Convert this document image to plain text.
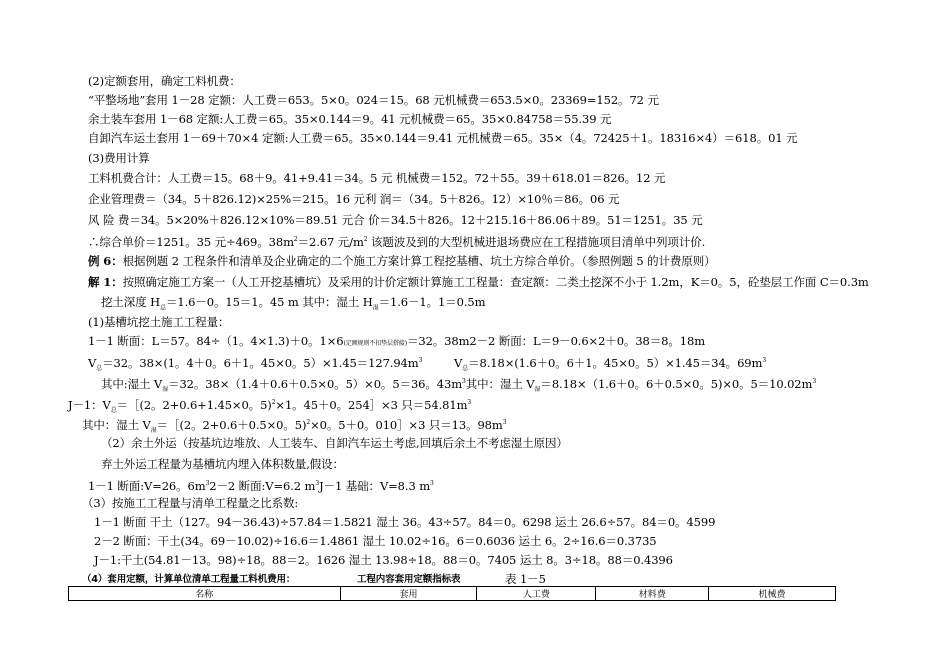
(2)定额套用，确定工料机费：
“平整场地”套用 1－28 定额：人工费＝653。5×0。024＝15。68 元机械费＝653.5×0。23369=152。72 元
余土装车套用 1－68 定额:人工费＝65。35×0.144＝9。41 元机械费＝65。35×0.84758＝55.39 元
自卸汽车运土套用 1－69＋70×4 定额:人工费＝65。35×0.144＝9.41 元机械费＝65。35×（4。72425＋1。18316×4）＝618。01 元
(3)费用计算
工料机费合计：人工费＝15。68＋9。41+9.41＝34。5 元 机械费＝152。72＋55。39＋618.01＝826。12 元
企业管理费＝（34。5＋826.12)×25%＝215。16 元利 润＝（34。5＋826。12）×10％＝86。06 元
风 险 费＝34。5×20%＋826.12×10%＝89.51 元合 价＝34.5＋826。12＋215.16＋86.06＋89。51＝1251。35 元
∴综合单价＝1251。35 元÷469。$38m^2=2.67$ 元$/m^2$ 该题波及到的大型机械进退场费应在工程措施项目清单中列项计价.
例 6：根据例题 2 工程条件和清单及企业确定的二个施工方案计算工程挖基槽、坑土方综合单价。（参照例题 5 的计费原则）
解 1：按照确定施工方案一（人工开挖基槽坑）及采用的计价定额计算施工工程量：查定额：二类土挖深不小于 1.2m，K＝0。5，砼垫层工作面 C＝0.3m
挖土深度 $H_总=1.6-0$。15＝1。45 m 其中：湿土 $H_湿=1.6-1$。1＝0.5m
(1)基槽坑挖土施工工程量：
1－1 断面：L＝57。84÷（1。4×1.3)＋0。1×6(定额规则不扣垫层搭接)＝32。38m2－2 断面：L＝9－0.6×2＋0。38＝8。18m
$V_总=32$。38×(1。4＋0。6＋1。45×0。$5)\times 1.45=127.94m^3$	$V_总=8.18\times(1.6+0$。6＋1。45×0。5）×1.45＝34。$69m^3$
其中:湿土 $V_湿=32$。38×（1.4＋0.6＋0.5×0。5）×0。5＝36。$43m^3$其中：湿土 $V_湿=8.18\times(1.6+0$。6＋0.5×0。5)×0。$5=10.02m^3$
J－1：$V_总=[(2$。2+0.6+1.45×0。5)$^2$×1。45＋0。254］×3 只$=54.81m^3$
其中：湿土 $V_湿=[(2$。2+0.6＋0.5×0。5)$^2$×0。5＋0。010］×3 只＝13。$98m^3$
（2）余土外运（按基坑边堆放、人工装车、自卸汽车运土考虑,回填后余土不考虑湿土原因）
弃土外运工程量为基槽坑内埋入体积数量,假设：
1－1 断面:V=26。$6m^32-2$ 断面:V=6.2 $m^3J-1$ 基础：V=8.3 $m^3$
（3）按施工工程量与清单工程量之比系数:
1－1 断面 干土（127。94－36.43)÷57.84＝1.5821 湿土 36。43÷57。84＝0。6298 运土 26.6÷57。84＝0。4599
2－2 断面：干土(34。69－10.02)÷16.6＝1.4861 湿土 10.02÷16。6＝0.6036 运土 6。2÷16.6＝0.3735
J－1:干土(54.81－13。98)÷18。88＝2。1626 湿土 13.98÷18。88＝0。7405 运土 8。3÷18。88＝0.4396
（4）套用定额，计算单位清单工程量工料机费用：	工程内容套用定额指标表	表 1－5
名称	套用	人工费	材料费	机械费
